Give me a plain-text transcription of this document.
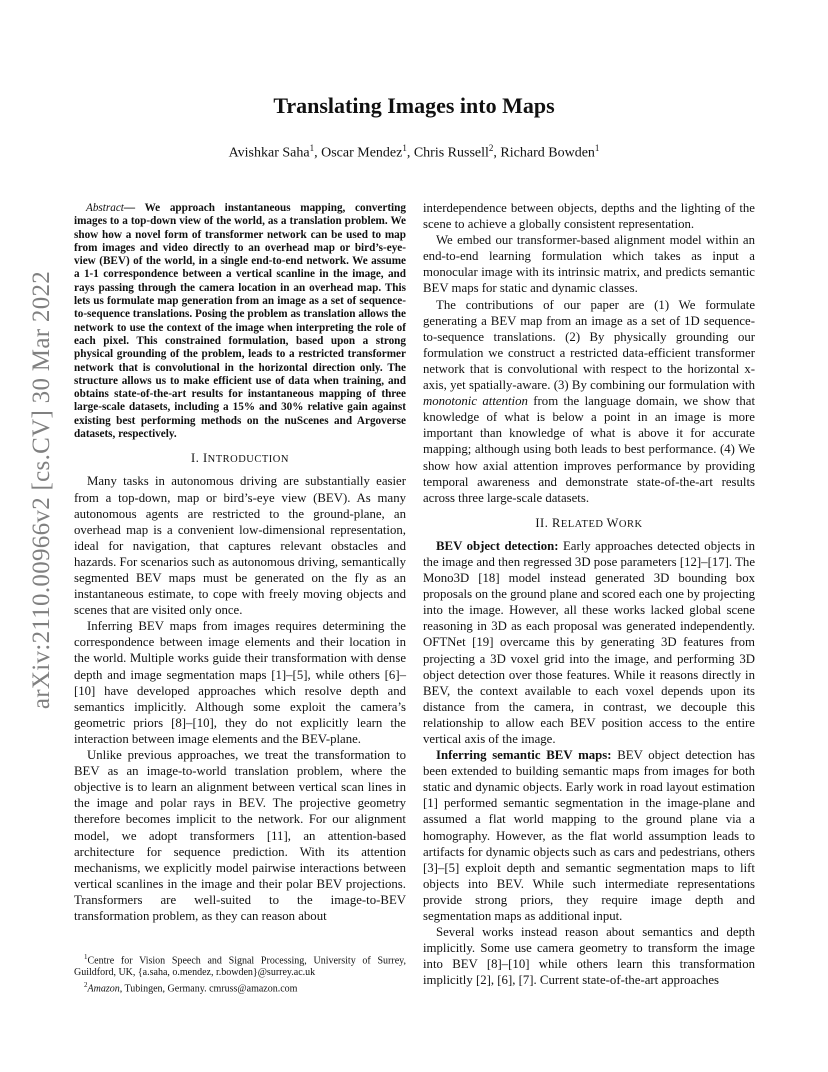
arXiv:2110.00966v2 [cs.CV] 30 Mar 2022
Translating Images into Maps
Avishkar Saha$^1$, Oscar Mendez$^1$, Chris Russell$^2$, Richard Bowden$^1$

Abstract— We approach instantaneous mapping, converting images to a top-down view of the world, as a translation problem. We show how a novel form of transformer network can be used to map from images and video directly to an overhead map or bird’s-eye-view (BEV) of the world, in a single end-to-end network. We assume a 1-1 correspondence between a vertical scanline in the image, and rays passing through the camera location in an overhead map. This lets us formulate map generation from an image as a set of sequence-to-sequence translations. Posing the problem as translation allows the network to use the context of the image when interpreting the role of each pixel. This constrained formulation, based upon a strong physical grounding of the problem, leads to a restricted transformer network that is convolutional in the horizontal direction only. The structure allows us to make efficient use of data when training, and obtains state-of-the-art results for instantaneous mapping of three large-scale datasets, including a 15% and 30% relative gain against existing best performing methods on the nuScenes and Argoverse datasets, respectively.

I. INTRODUCTION

Many tasks in autonomous driving are substantially easier from a top-down, map or bird’s-eye view (BEV). As many autonomous agents are restricted to the ground-plane, an overhead map is a convenient low-dimensional representation, ideal for navigation, that captures relevant obstacles and hazards. For scenarios such as autonomous driving, semantically segmented BEV maps must be generated on the fly as an instantaneous estimate, to cope with freely moving objects and scenes that are visited only once.

Inferring BEV maps from images requires determining the correspondence between image elements and their location in the world. Multiple works guide their transformation with dense depth and image segmentation maps [1]–[5], while others [6]–[10] have developed approaches which resolve depth and semantics implicitly. Although some exploit the camera’s geometric priors [8]–[10], they do not explicitly learn the interaction between image elements and the BEV-plane.

Unlike previous approaches, we treat the transformation to BEV as an image-to-world translation problem, where the objective is to learn an alignment between vertical scan lines in the image and polar rays in BEV. The projective geometry therefore becomes implicit to the network. For our alignment model, we adopt transformers [11], an attention-based architecture for sequence prediction. With its attention mechanisms, we explicitly model pairwise interactions between vertical scanlines in the image and their polar BEV projections. Transformers are well-suited to the image-to-BEV transformation problem, as they can reason about

$^1$Centre for Vision Speech and Signal Processing, University of Surrey, Guildford, UK, {a.saha, o.mendez, r.bowden}@surrey.ac.uk

$^2$Amazon, Tubingen, Germany. cmruss@amazon.com

interdependence between objects, depths and the lighting of the scene to achieve a globally consistent representation.

We embed our transformer-based alignment model within an end-to-end learning formulation which takes as input a monocular image with its intrinsic matrix, and predicts semantic BEV maps for static and dynamic classes.

The contributions of our paper are (1) We formulate generating a BEV map from an image as a set of 1D sequence-to-sequence translations. (2) By physically grounding our formulation we construct a restricted data-efficient transformer network that is convolutional with respect to the horizontal x-axis, yet spatially-aware. (3) By combining our formulation with monotonic attention from the language domain, we show that knowledge of what is below a point in an image is more important than knowledge of what is above it for accurate mapping; although using both leads to best performance. (4) We show how axial attention improves performance by providing temporal awareness and demonstrate state-of-the-art results across three large-scale datasets.

II. RELATED WORK

BEV object detection: Early approaches detected objects in the image and then regressed 3D pose parameters [12]–[17]. The Mono3D [18] model instead generated 3D bounding box proposals on the ground plane and scored each one by projecting into the image. However, all these works lacked global scene reasoning in 3D as each proposal was generated independently. OFTNet [19] overcame this by generating 3D features from projecting a 3D voxel grid into the image, and performing 3D object detection over those features. While it reasons directly in BEV, the context available to each voxel depends upon its distance from the camera, in contrast, we decouple this relationship to allow each BEV position access to the entire vertical axis of the image.

Inferring semantic BEV maps: BEV object detection has been extended to building semantic maps from images for both static and dynamic objects. Early work in road layout estimation [1] performed semantic segmentation in the image-plane and assumed a flat world mapping to the ground plane via a homography. However, as the flat world assumption leads to artifacts for dynamic objects such as cars and pedestrians, others [3]–[5] exploit depth and semantic segmentation maps to lift objects into BEV. While such intermediate representations provide strong priors, they require image depth and segmentation maps as additional input.

Several works instead reason about semantics and depth implicitly. Some use camera geometry to transform the image into BEV [8]–[10] while others learn this transformation implicitly [2], [6], [7]. Current state-of-the-art approaches
